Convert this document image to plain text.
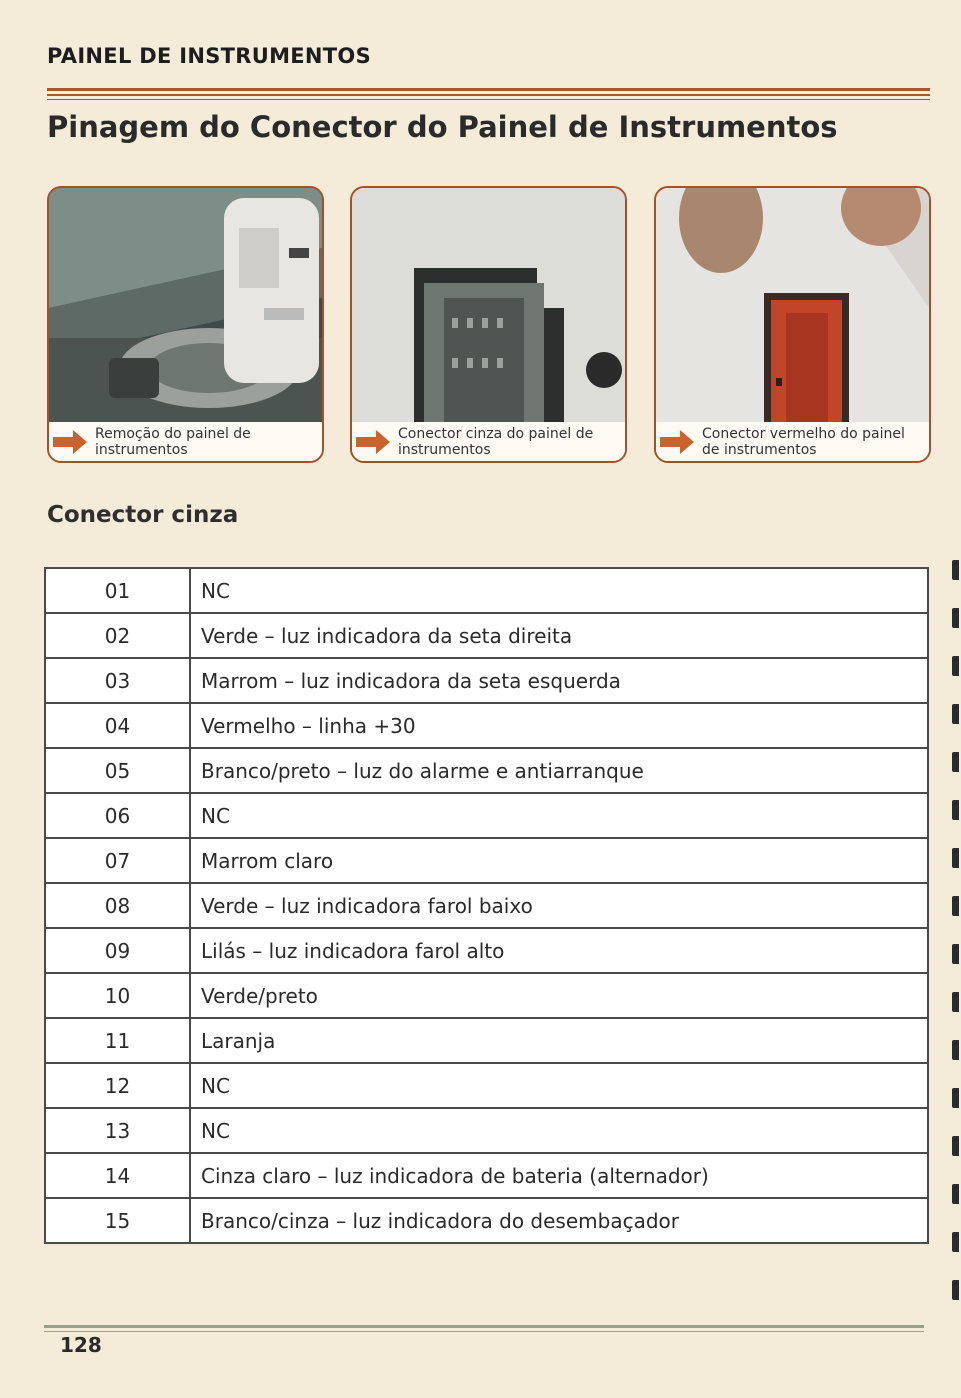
PAINEL DE INSTRUMENTOS
Pinagem do Conector do Painel de Instrumentos
Remoção do painel de instrumentos
Conector cinza do painel de instrumentos
Conector vermelho do painel de instrumentos
Conector cinza
01	NC
02	Verde – luz indicadora da seta direita
03	Marrom – luz indicadora da seta esquerda
04	Vermelho – linha +30
05	Branco/preto – luz do alarme e antiarranque
06	NC
07	Marrom claro
08	Verde – luz indicadora farol baixo
09	Lilás – luz indicadora farol alto
10	Verde/preto
11	Laranja
12	NC
13	NC
14	Cinza claro – luz indicadora de bateria (alternador)
15	Branco/cinza – luz indicadora do desembaçador
128
